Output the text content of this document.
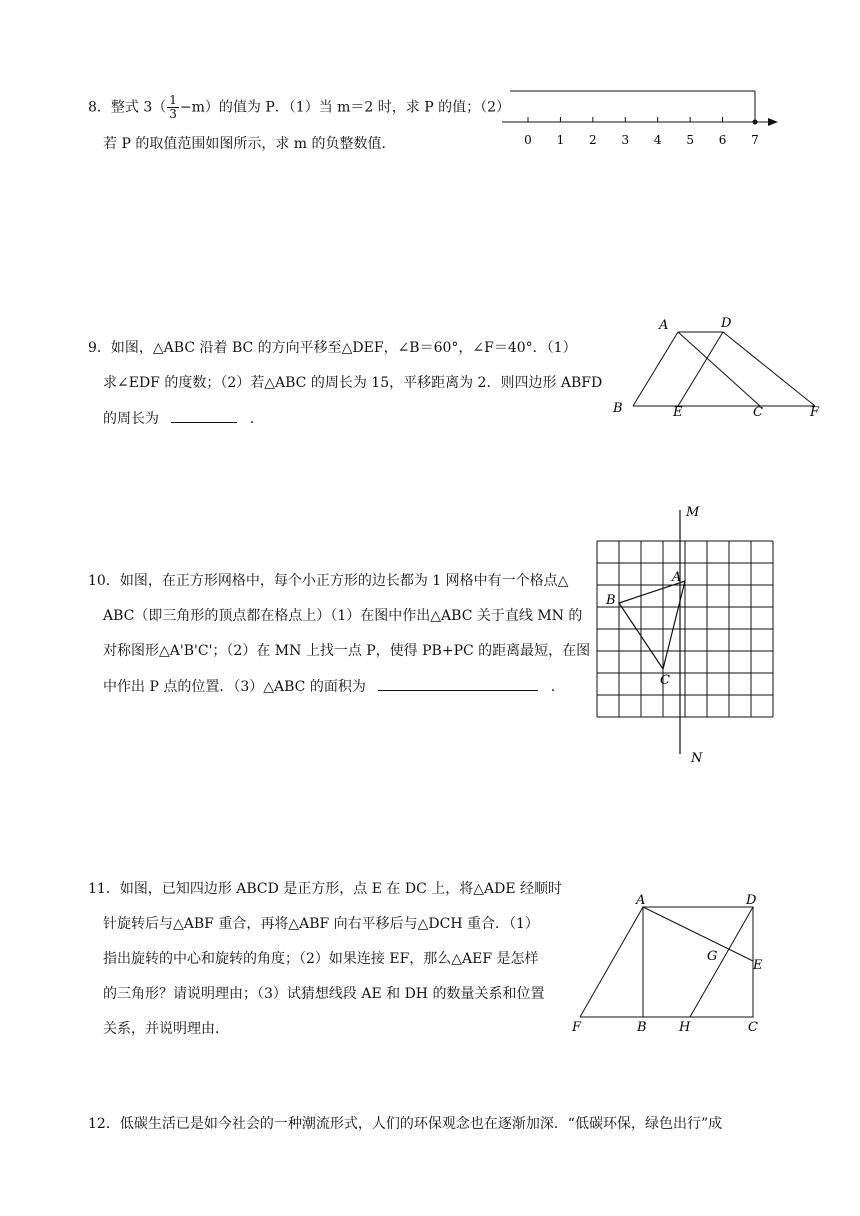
8．整式 $3( \frac{1}{3} -m)$的值为 P．（1）当 m＝2 时，求 P 的值；（2）
若 P 的取值范围如图所示，求 m 的负整数值．	0 1 2 3 4 5 6 7
9．如图，△ABC 沿着 BC 的方向平移至△DEF，∠B＝60°，∠F＝40°．（1）
求∠EDF 的度数；（2）若△ABC 的周长为 15，平移距离为 2．则四边形 ABFD
的周长为	．
A	D
B	E	C	F
10．如图，在正方形网格中，每个小正方形的边长都为 1 网格中有一个格点△
ABC（即三角形的顶点都在格点上）（1）在图中作出△ABC 关于直线 MN 的
对称图形△A'B'C'；（2）在 MN 上找一点 P，使得 PB+PC 的距离最短，在图
中作出 P 点的位置．（3）△ABC 的面积为	．
M
N
A
B
C
11．如图，已知四边形 ABCD 是正方形，点 E 在 DC 上，将△ADE 经顺时
针旋转后与△ABF 重合，再将△ABF 向右平移后与△DCH 重合．（1）
指出旋转的中心和旋转的角度；（2）如果连接 EF，那么△AEF 是怎样
的三角形？请说明理由；（3）试猜想线段 AE 和 DH 的数量关系和位置
关系，并说明理由．
A	D
G
E
F	B H	C
12．低碳生活已是如今社会的一种潮流形式，人们的环保观念也在逐渐加深．“低碳环保，绿色出行”成
